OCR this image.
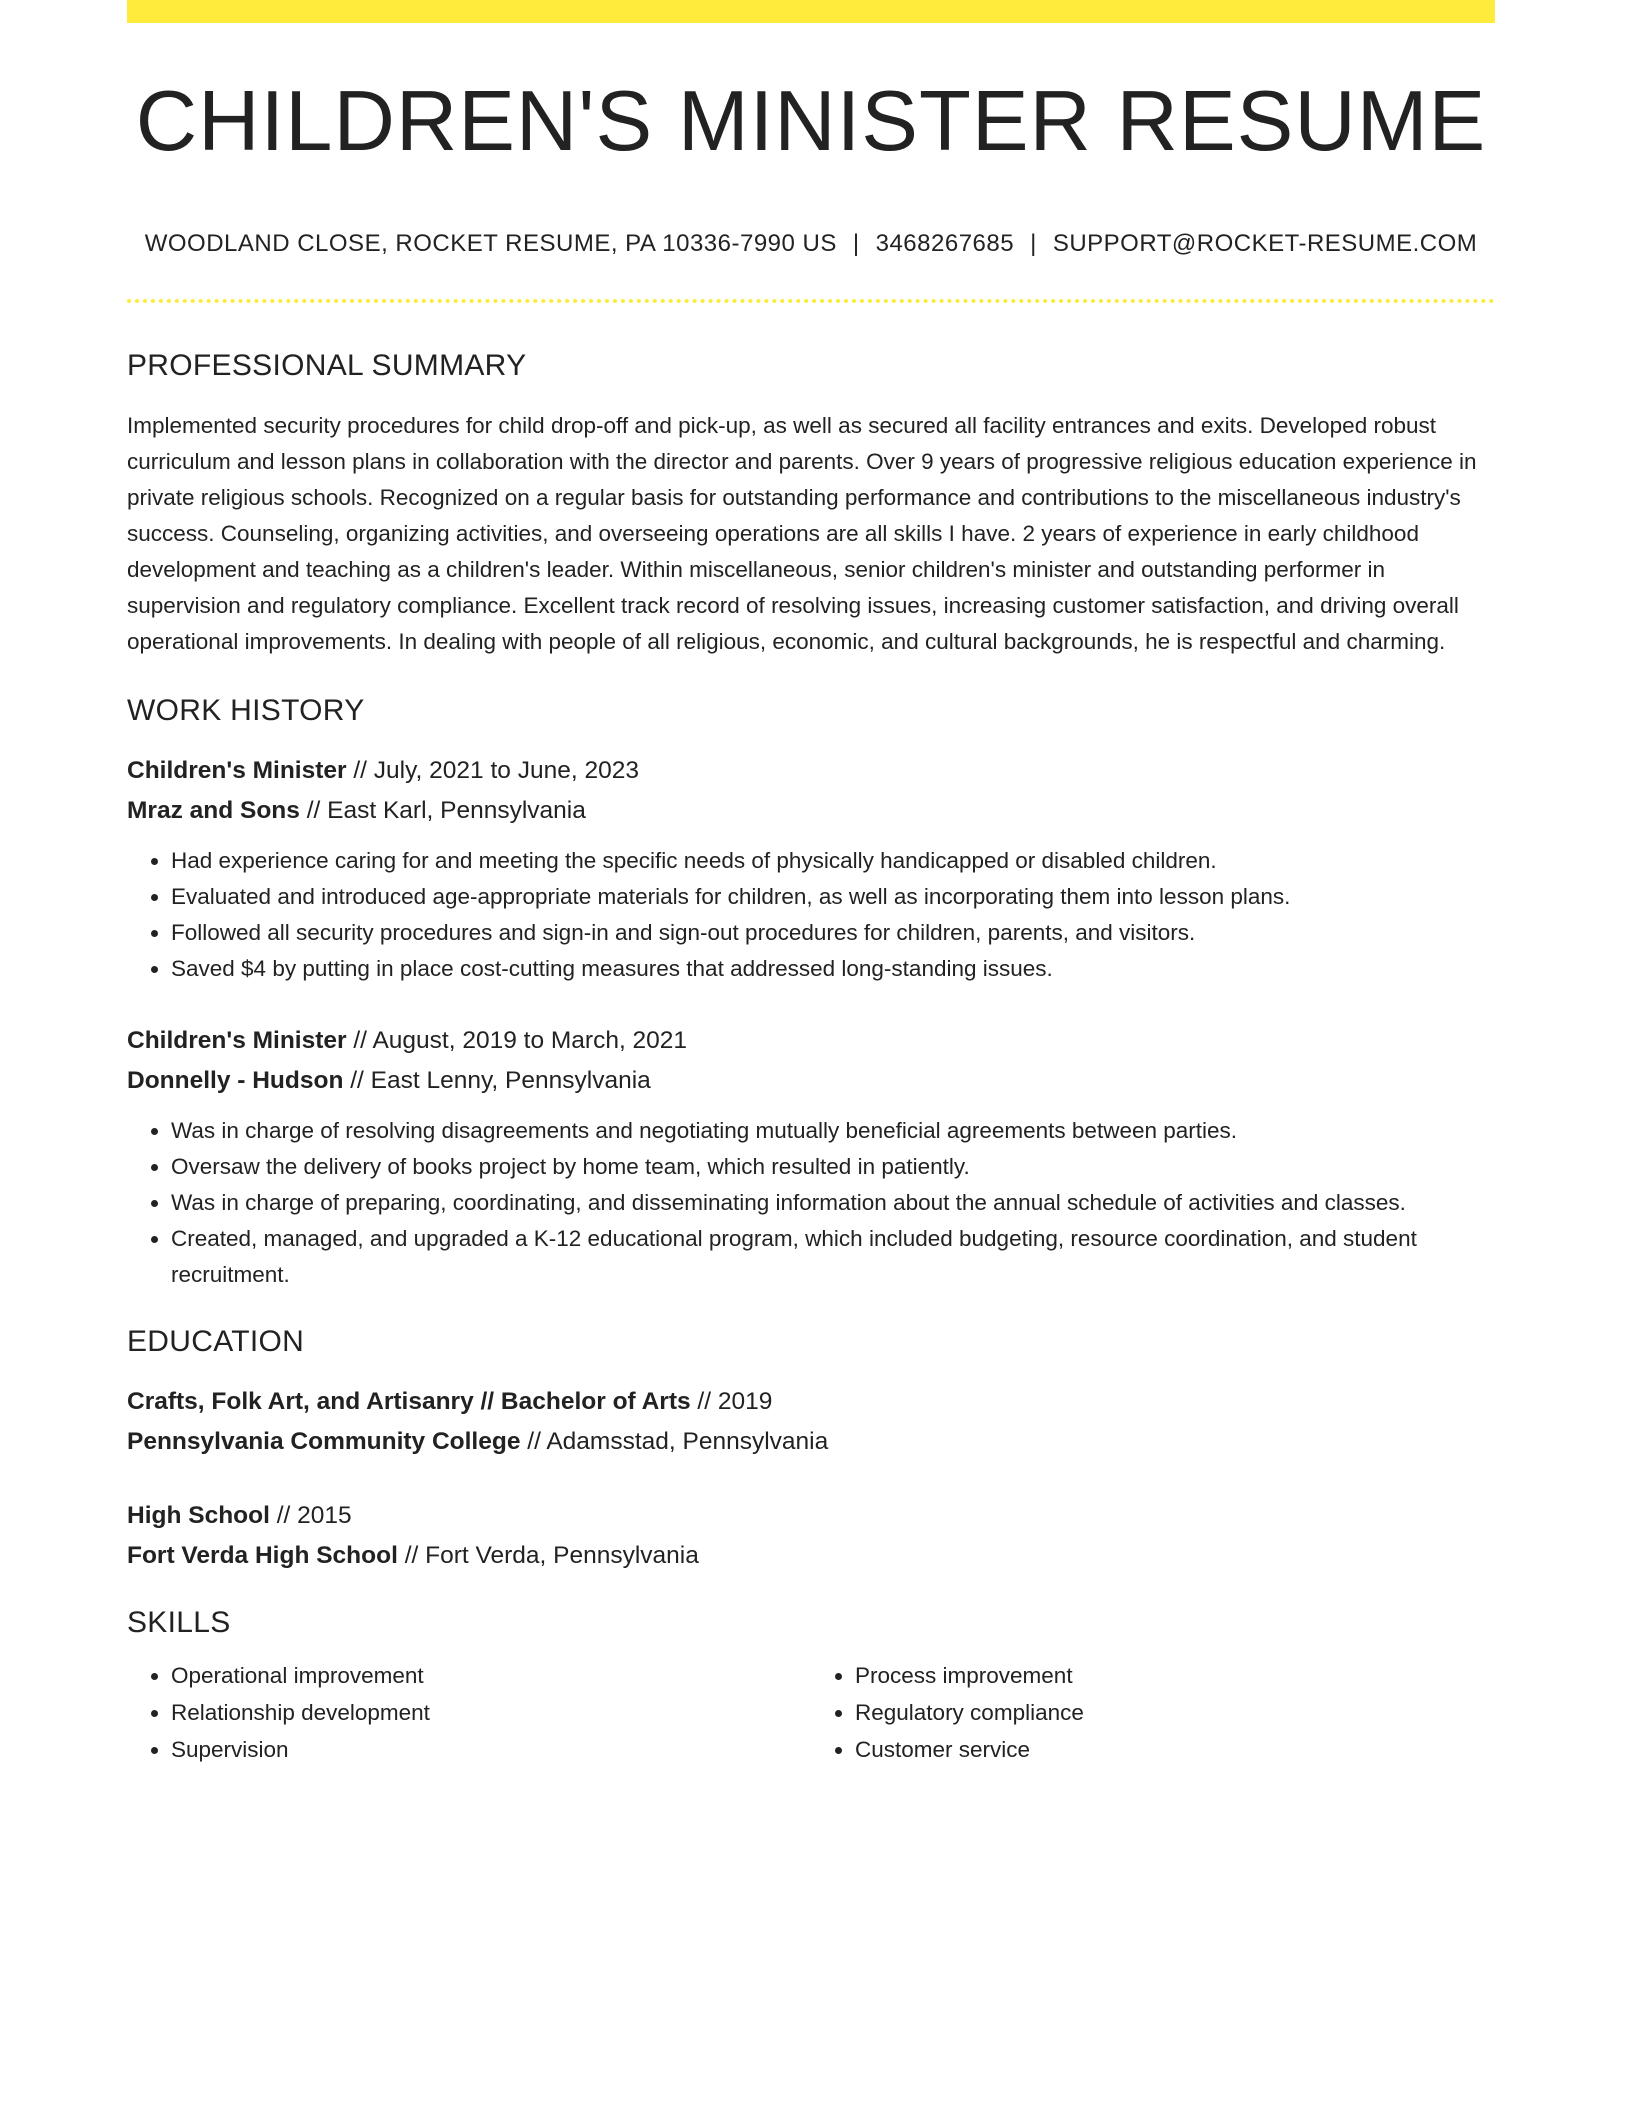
CHILDREN'S MINISTER RESUME
WOODLAND CLOSE, ROCKET RESUME, PA 10336-7990 US | 3468267685 | SUPPORT@ROCKET-RESUME.COM
PROFESSIONAL SUMMARY

Implemented security procedures for child drop-off and pick-up, as well as secured all facility entrances and exits. Developed robust curriculum and lesson plans in collaboration with the director and parents. Over 9 years of progressive religious education experience in private religious schools. Recognized on a regular basis for outstanding performance and contributions to the miscellaneous industry's success. Counseling, organizing activities, and overseeing operations are all skills I have. 2 years of experience in early childhood development and teaching as a children's leader. Within miscellaneous, senior children's minister and outstanding performer in supervision and regulatory compliance. Excellent track record of resolving issues, increasing customer satisfaction, and driving overall operational improvements. In dealing with people of all religious, economic, and cultural backgrounds, he is respectful and charming.

WORK HISTORY
Children's Minister // July, 2021 to June, 2023
Mraz and Sons // East Karl, Pennsylvania
• Had experience caring for and meeting the specific needs of physically handicapped or disabled children.
• Evaluated and introduced age-appropriate materials for children, as well as incorporating them into lesson plans.
• Followed all security procedures and sign-in and sign-out procedures for children, parents, and visitors.
• Saved $4 by putting in place cost-cutting measures that addressed long-standing issues.
Children's Minister // August, 2019 to March, 2021
Donnelly - Hudson // East Lenny, Pennsylvania
• Was in charge of resolving disagreements and negotiating mutually beneficial agreements between parties.
• Oversaw the delivery of books project by home team, which resulted in patiently.
• Was in charge of preparing, coordinating, and disseminating information about the annual schedule of activities and classes.
• Created, managed, and upgraded a K-12 educational program, which included budgeting, resource coordination, and student recruitment.
EDUCATION
Crafts, Folk Art, and Artisanry // Bachelor of Arts // 2019
Pennsylvania Community College // Adamsstad, Pennsylvania
High School // 2015
Fort Verda High School // Fort Verda, Pennsylvania
SKILLS
• Operational improvement
• Relationship development
• Supervision
• Process improvement
• Regulatory compliance
• Customer service
